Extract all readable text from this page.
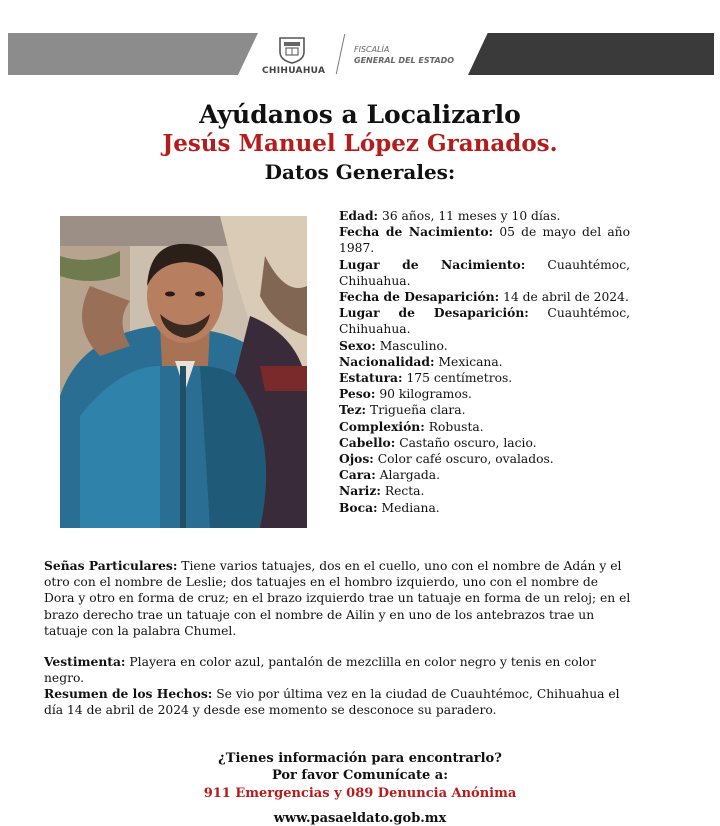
CHIHUAHUA
FISCALÍA
GENERAL DEL ESTADO
Ayúdanos a Localizarlo
Jesús Manuel López Granados.
Datos Generales:

Edad: 36 años, 11 meses y 10 días.

Fecha de Nacimiento: 05 de mayo del año 1987.

Lugar de Nacimiento: Cuauhtémoc, Chihuahua.

Fecha de Desaparición: 14 de abril de 2024.

Lugar de Desaparición: Cuauhtémoc, Chihuahua.

Sexo: Masculino.

Nacionalidad: Mexicana.

Estatura: 175 centímetros.

Peso: 90 kilogramos.

Tez: Trigueña clara.

Complexión: Robusta.

Cabello: Castaño oscuro, lacio.

Ojos: Color café oscuro, ovalados.

Cara: Alargada.

Nariz: Recta.

Boca: Mediana.

Señas Particulares: Tiene varios tatuajes, dos en el cuello, uno con el nombre de Adán y el otro con el nombre de Leslie; dos tatuajes en el hombro izquierdo, uno con el nombre de Dora y otro en forma de cruz; en el brazo izquierdo trae un tatuaje en forma de un reloj; en el brazo derecho trae un tatuaje con el nombre de Ailin y en uno de los antebrazos trae un tatuaje con la palabra Chumel.

Vestimenta: Playera en color azul, pantalón de mezclilla en color negro y tenis en color negro.

Resumen de los Hechos: Se vio por última vez en la ciudad de Cuauhtémoc, Chihuahua el día 14 de abril de 2024 y desde ese momento se desconoce su paradero.

¿Tienes información para encontrarlo?

Por favor Comunícate a:

911 Emergencias y 089 Denuncia Anónima

www.pasaeldato.gob.mx
